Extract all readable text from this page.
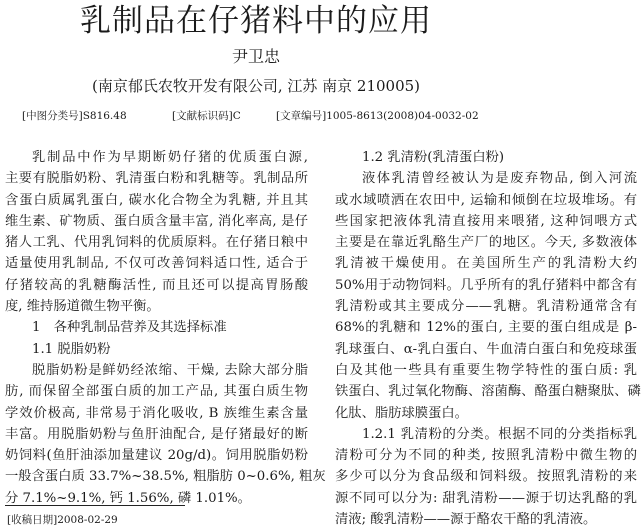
乳制品在仔猪料中的应用
尹卫忠
(南京郁氏农牧开发有限公司, 江苏 南京 210005)
[中图分类号]S816.48	[文献标识码]C	[文章编号]1005-8613(2008)04-0032-02
乳制品中作为早期断奶仔猪的优质蛋白源,
主要有脱脂奶粉、乳清蛋白粉和乳糖等。乳制品所
含蛋白质属乳蛋白, 碳水化合物全为乳糖, 并且其
维生素、矿物质、蛋白质含量丰富, 消化率高, 是仔
猪人工乳、代用乳饲料的优质原料。在仔猪日粮中
适量使用乳制品, 不仅可改善饲料适口性, 适合于
仔猪较高的乳糖酶活性, 而且还可以提高胃肠酸
度, 维持肠道微生物平衡。
1　各种乳制品营养及其选择标准
1.1 脱脂奶粉
脱脂奶粉是鲜奶经浓缩、干燥, 去除大部分脂
肪, 而保留全部蛋白质的加工产品, 其蛋白质生物
学效价极高, 非常易于消化吸收, B 族维生素含量
丰富。用脱脂奶粉与鱼肝油配合, 是仔猪最好的断
奶饲料(鱼肝油添加量建议 20g/d)。饲用脱脂奶粉
一般含蛋白质 33.7%~38.5%, 粗脂肪 0~0.6%, 粗灰
分 7.1%~9.1%, 钙 1.56%, 磷 1.01%。
1.2 乳清粉(乳清蛋白粉)
液体乳清曾经被认为是废弃物品, 倒入河流
或水域喷洒在农田中, 运输和倾倒在垃圾堆场。有
些国家把液体乳清直接用来喂猪, 这种饲喂方式
主要是在靠近乳酪生产厂的地区。今天, 多数液体
乳清被干燥使用。在美国所生产的乳清粉大约
50%用于动物饲料。几乎所有的乳仔猪料中都含有
乳清粉或其主要成分——乳糖。乳清粉通常含有
68%的乳糖和 12%的蛋白, 主要的蛋白组成是 β-
乳球蛋白、α-乳白蛋白、牛血清白蛋白和免疫球蛋
白及其他一些具有重要生物学特性的蛋白质: 乳
铁蛋白、乳过氧化物酶、溶菌酶、酪蛋白糖聚肽、磷
化肽、脂肪球膜蛋白。
1.2.1 乳清粉的分类。根据不同的分类指标乳
清粉可分为不同的种类, 按照乳清粉中微生物的
多少可以分为食品级和饲料级。按照乳清粉的来
源不同可以分为: 甜乳清粉——源于切达乳酪的乳
清液; 酸乳清粉——源于酪农干酪的乳清液。
[收稿日期]2008-02-29
